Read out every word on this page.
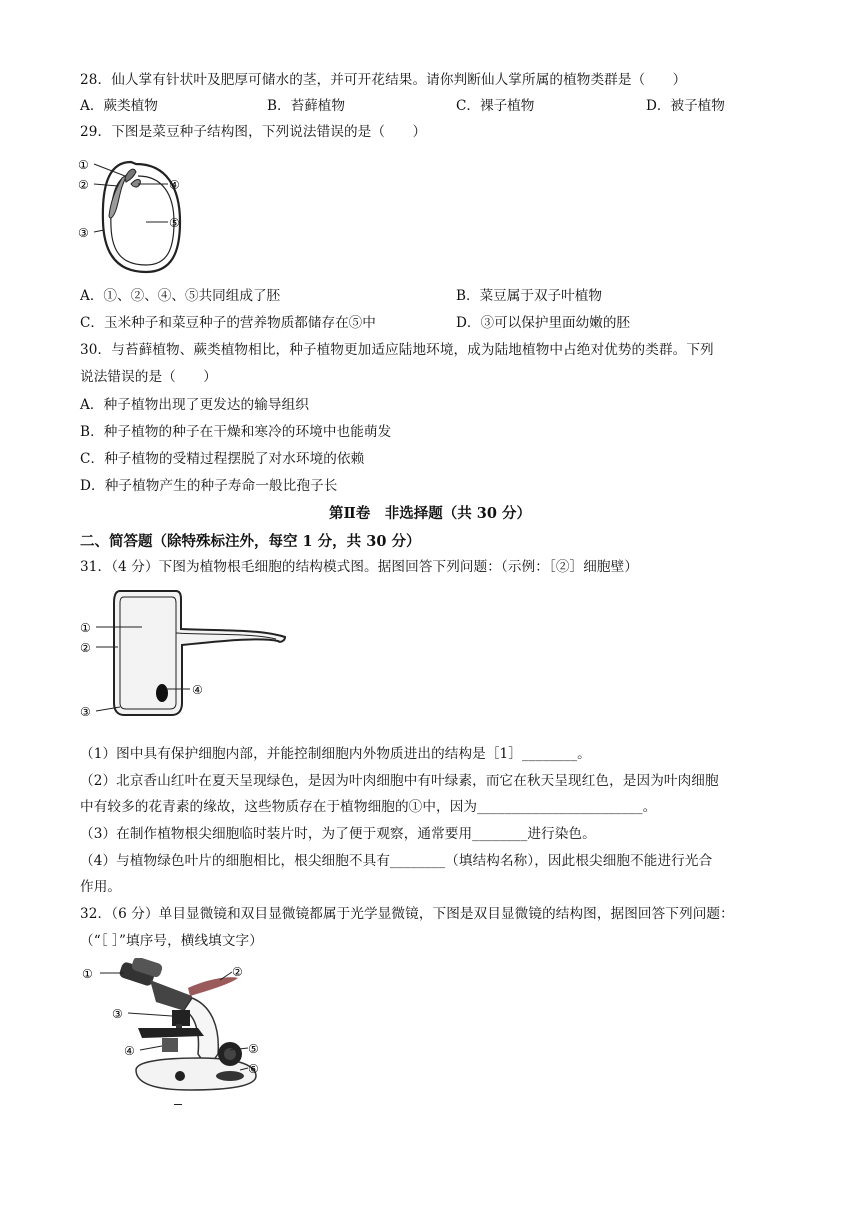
28．仙人掌有针状叶及肥厚可储水的茎，并可开花结果。请你判断仙人掌所属的植物类群是（　　）
A．蕨类植物	B．苔藓植物	C．裸子植物	D．被子植物
29．下图是菜豆种子结构图，下列说法错误的是（　　）
①
②
③
④
⑤
A．①、②、④、⑤共同组成了胚	B．菜豆属于双子叶植物
C．玉米种子和菜豆种子的营养物质都储存在⑤中	D．③可以保护里面幼嫩的胚
30．与苔藓植物、蕨类植物相比，种子植物更加适应陆地环境，成为陆地植物中占绝对优势的类群。下列
说法错误的是（　　）
A．种子植物出现了更发达的输导组织
B．种子植物的种子在干燥和寒冷的环境中也能萌发
C．种子植物的受精过程摆脱了对水环境的依赖
D．种子植物产生的种子寿命一般比孢子长
第Ⅱ卷　非选择题（共 30 分）
二、简答题（除特殊标注外，每空 1 分，共 30 分）
31．（4 分）下图为植物根毛细胞的结构模式图。据图回答下列问题：（示例：［②］细胞壁）
①
②
③
④
（1）图中具有保护细胞内部，并能控制细胞内外物质进出的结构是［1］________。
（2）北京香山红叶在夏天呈现绿色，是因为叶肉细胞中有叶绿素，而它在秋天呈现红色，是因为叶肉细胞
中有较多的花青素的缘故，这些物质存在于植物细胞的①中，因为________________________。
（3）在制作植物根尖细胞临时装片时，为了便于观察，通常要用________进行染色。
（4）与植物绿色叶片的细胞相比，根尖细胞不具有________（填结构名称），因此根尖细胞不能进行光合
作用。
32．（6 分）单目显微镜和双目显微镜都属于光学显微镜，下图是双目显微镜的结构图，据图回答下列问题：
（“［ ］”填序号，横线填文字）
①	②
③
④	⑤
⑥
